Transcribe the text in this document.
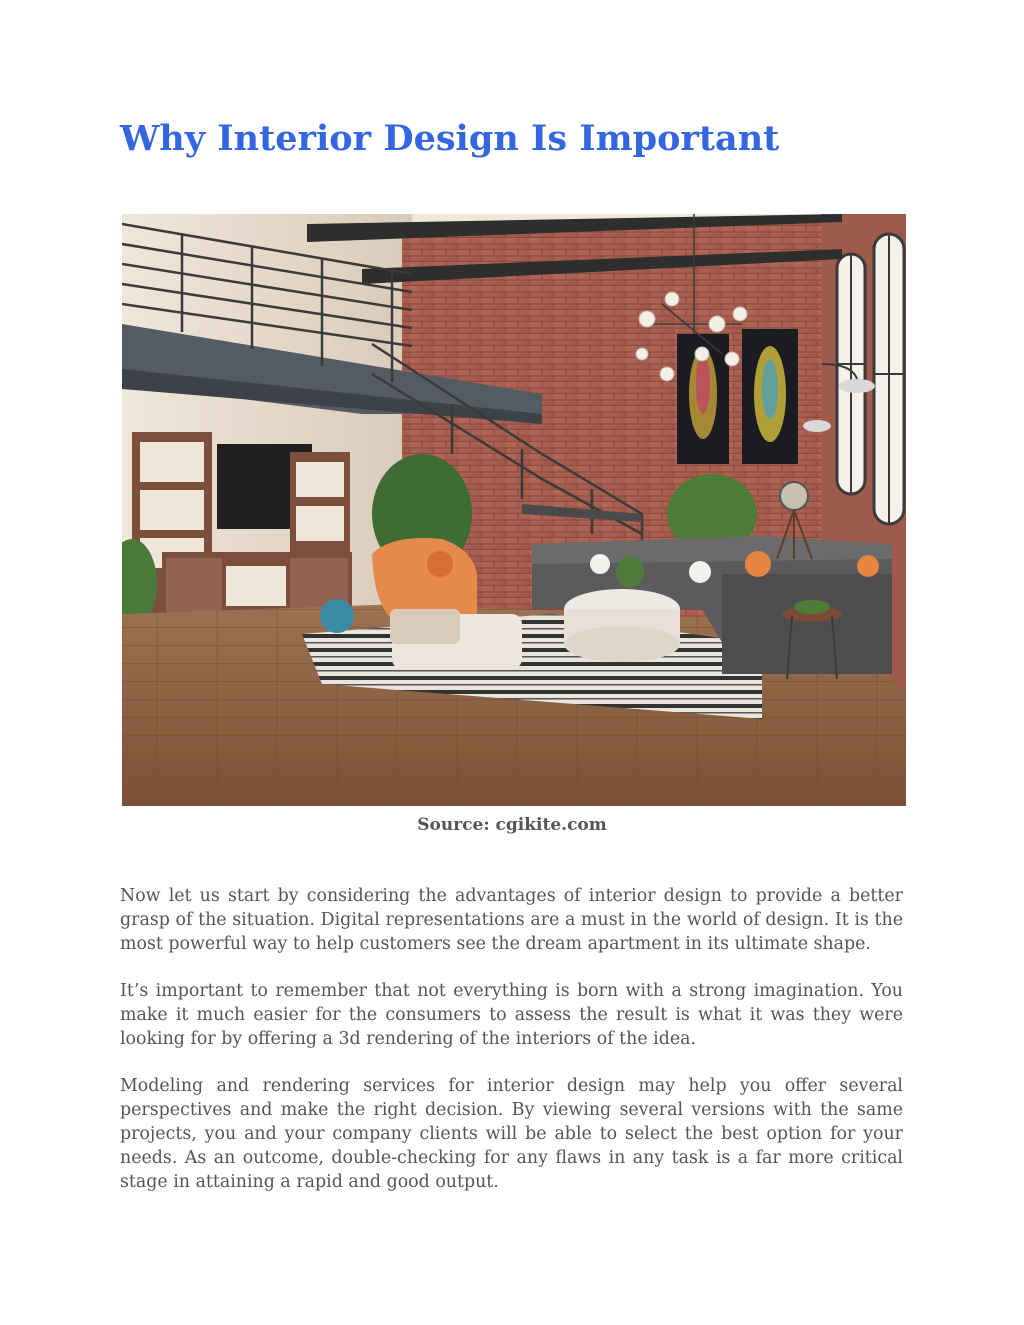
Why Interior Design Is Important
Source: cgikite.com

Now let us start by considering the advantages of interior design to provide a better grasp of the situation. Digital representations are a must in the world of design. It is the most powerful way to help customers see the dream apartment in its ultimate shape.

It’s important to remember that not everything is born with a strong imagination. You make it much easier for the consumers to assess the result is what it was they were looking for by offering a 3d rendering of the interiors of the idea.

Modeling and rendering services for interior design may help you offer several perspectives and make the right decision. By viewing several versions with the same projects, you and your company clients will be able to select the best option for your needs. As an outcome, double-checking for any flaws in any task is a far more critical stage in attaining a rapid and good output.
